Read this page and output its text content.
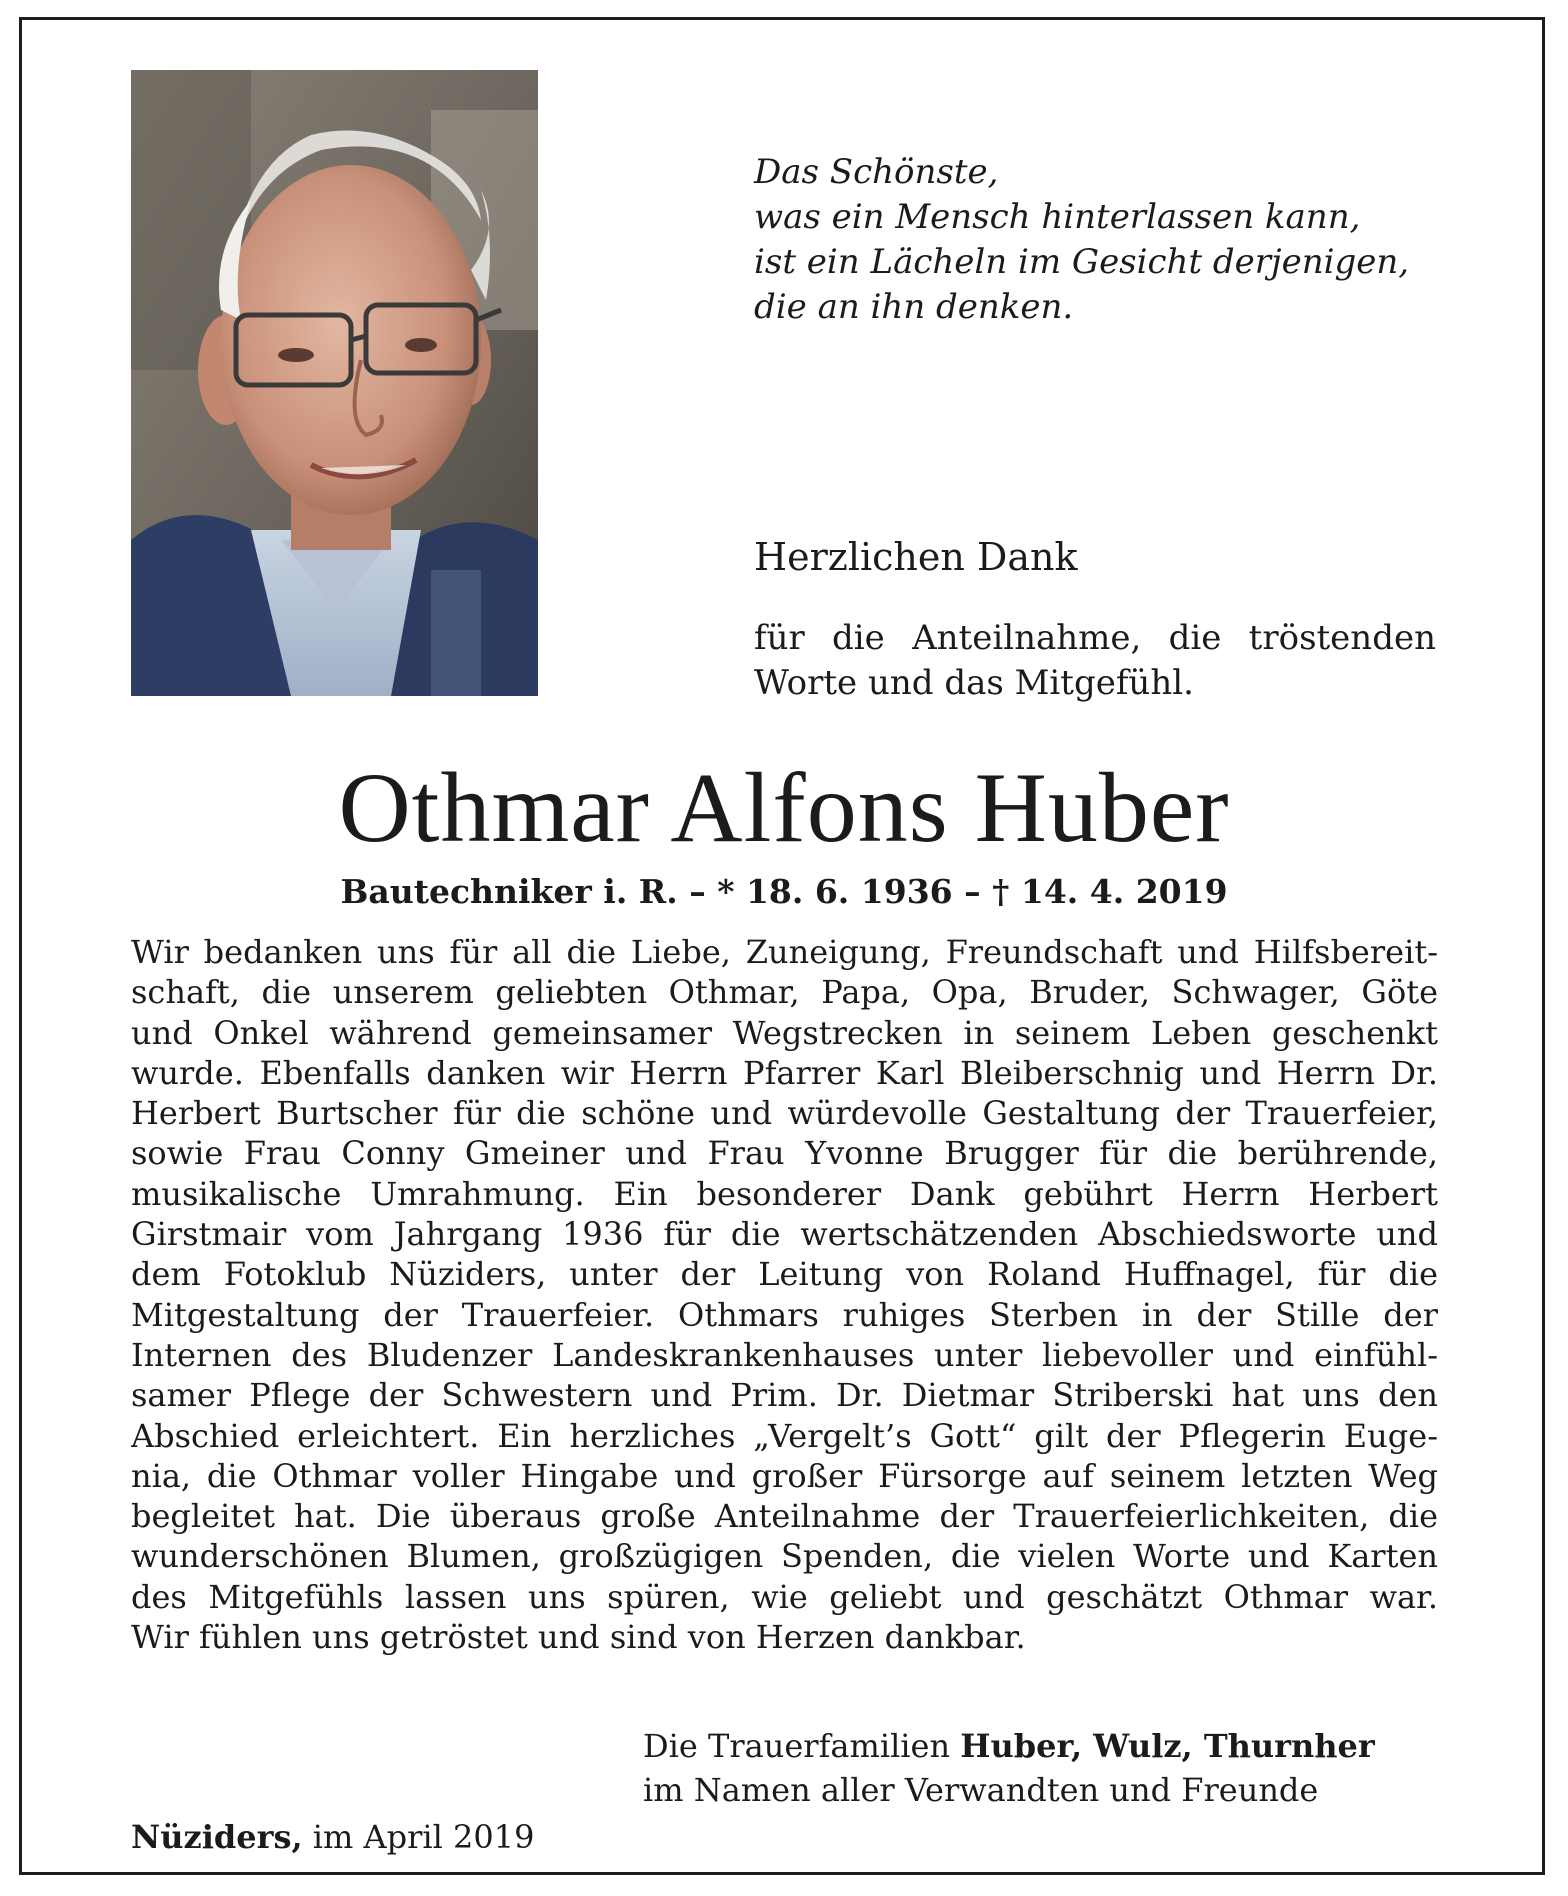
Das Schönste,
was ein Mensch hinterlassen kann,
ist ein Lächeln im Gesicht derjenigen,
die an ihn denken.
Herzlichen Dank
für die Anteilnahme, die tröstenden Worte und das Mitgefühl.
Othmar Alfons Huber
Bautechniker i. R. – * 18. 6. 1936 – † 14. 4. 2019
Wir bedanken uns für all die Liebe, Zuneigung, Freundschaft und Hilfsbereit-
schaft, die unserem geliebten Othmar, Papa, Opa, Bruder, Schwager, Göte
und Onkel während gemeinsamer Wegstrecken in seinem Leben geschenkt
wurde. Ebenfalls danken wir Herrn Pfarrer Karl Bleiberschnig und Herrn Dr.
Herbert Burtscher für die schöne und würdevolle Gestaltung der Trauerfeier,
sowie Frau Conny Gmeiner und Frau Yvonne Brugger für die berührende,
musikalische Umrahmung. Ein besonderer Dank gebührt Herrn Herbert
Girstmair vom Jahrgang 1936 für die wertschätzenden Abschiedsworte und
dem Fotoklub Nüziders, unter der Leitung von Roland Huffnagel, für die
Mitgestaltung der Trauerfeier. Othmars ruhiges Sterben in der Stille der
Internen des Bludenzer Landeskrankenhauses unter liebevoller und einfühl-
samer Pflege der Schwestern und Prim. Dr. Dietmar Striberski hat uns den
Abschied erleichtert. Ein herzliches „Vergelt’s Gott“ gilt der Pflegerin Euge-
nia, die Othmar voller Hingabe und großer Fürsorge auf seinem letzten Weg
begleitet hat. Die überaus große Anteilnahme der Trauerfeierlichkeiten, die
wunderschönen Blumen, großzügigen Spenden, die vielen Worte und Karten
des Mitgefühls lassen uns spüren, wie geliebt und geschätzt Othmar war.
Wir fühlen uns getröstet und sind von Herzen dankbar.
Die Trauerfamilien Huber, Wulz, Thurnher
im Namen aller Verwandten und Freunde
Nüziders, im April 2019
